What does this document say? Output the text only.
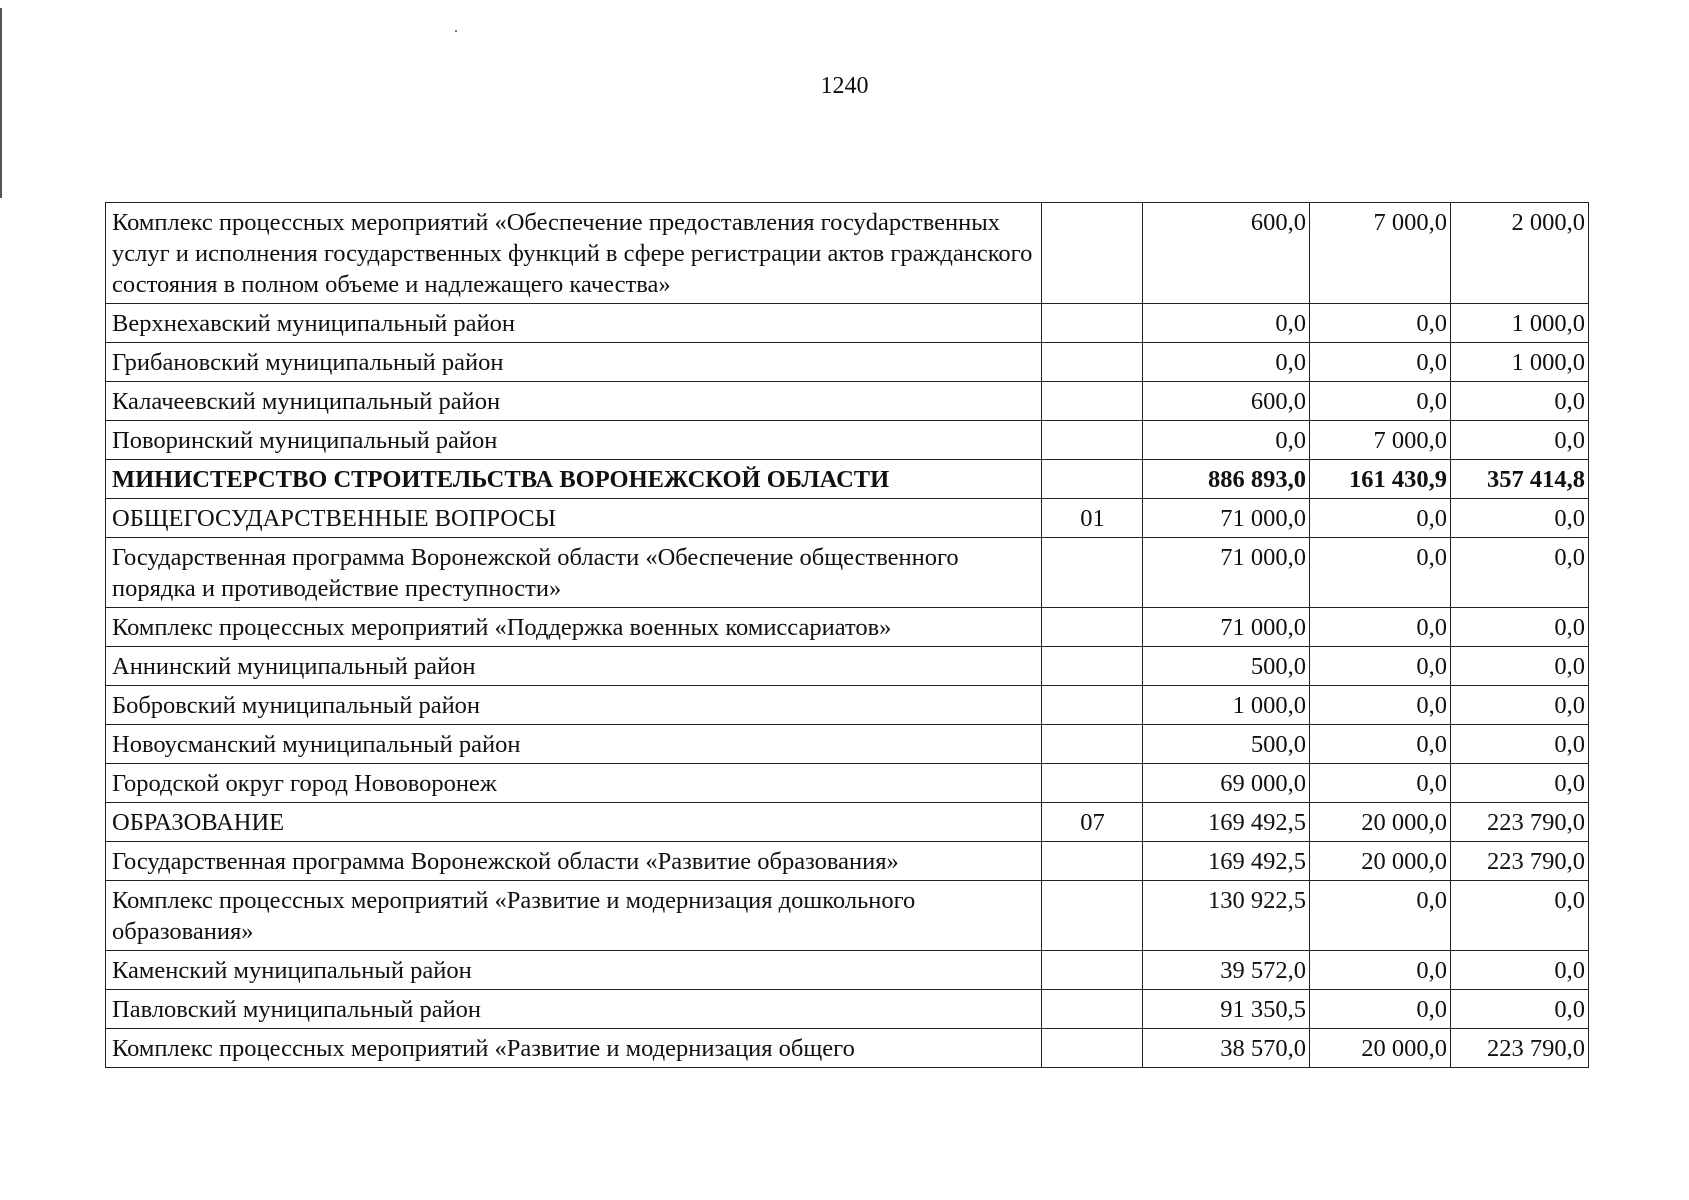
1240
Комплекс процессных мероприятий «Обеспечение предоставления госуdарственных услуг и исполнения государственных функций в сфере регистрации актов гражданского состояния в полном объеме и надлежащего качества»		600,0	7 000,0	2 000,0
Верхнехавский муниципальный район		0,0	0,0	1 000,0
Грибановский муниципальный район		0,0	0,0	1 000,0
Калачеевский муниципальный район		600,0	0,0	0,0
Поворинский муниципальный район		0,0	7 000,0	0,0
МИНИСТЕРСТВО СТРОИТЕЛЬСТВА ВОРОНЕЖСКОЙ ОБЛАСТИ		886 893,0	161 430,9	357 414,8
ОБЩЕГОСУДАРСТВЕННЫЕ ВОПРОСЫ	01	71 000,0	0,0	0,0
Государственная программа Воронежской области «Обеспечение общественного порядка и противодействие преступности»		71 000,0	0,0	0,0
Комплекс процессных мероприятий «Поддержка военных комиссариатов»		71 000,0	0,0	0,0
Аннинский муниципальный район		500,0	0,0	0,0
Бобровский муниципальный район		1 000,0	0,0	0,0
Новоусманский муниципальный район		500,0	0,0	0,0
Городской округ город Нововоронеж		69 000,0	0,0	0,0
ОБРАЗОВАНИЕ	07	169 492,5	20 000,0	223 790,0
Государственная программа Воронежской области «Развитие образования»		169 492,5	20 000,0	223 790,0
Комплекс процессных мероприятий «Развитие и модернизация дошкольного образования»		130 922,5	0,0	0,0
Каменский муниципальный район		39 572,0	0,0	0,0
Павловский муниципальный район		91 350,5	0,0	0,0
Комплекс процессных мероприятий «Развитие и модернизация общего		38 570,0	20 000,0	223 790,0
